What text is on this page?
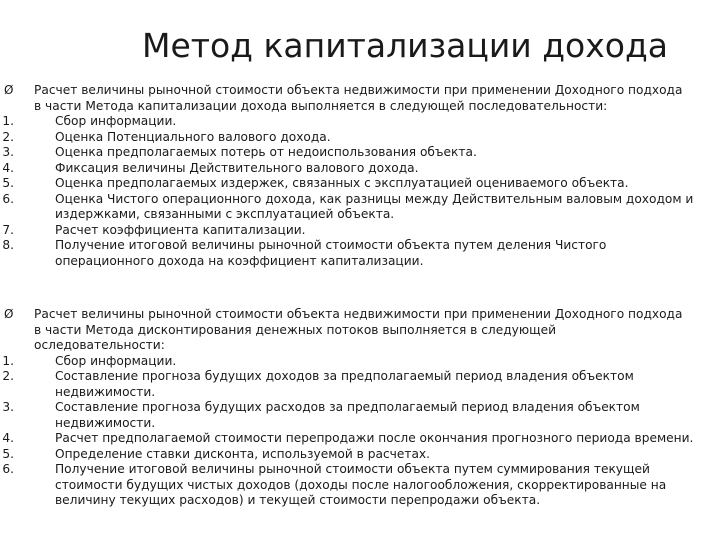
Метод капитализации дохода
Ø	Расчет величины рыночной стоимости объекта недвижимости при применении Доходного подхода в части Метода капитализации дохода выполняется в следующей последовательности:
1.	Сбор информации.
2.	Оценка Потенциального валового дохода.
3.	Оценка предполагаемых потерь от недоиспользования объекта.
4.	Фиксация величины Действительного валового дохода.
5.	Оценка предполагаемых издержек, связанных с эксплуатацией оцениваемого объекта.
6.	Оценка Чистого операционного дохода, как разницы между Действительным валовым доходом и издержками, связанными с эксплуатацией объекта.
7.	Расчет коэффициента капитализации.
8.	Получение итоговой величины рыночной стоимости объекта путем деления Чистого операционного дохода на коэффициент капитализации.
Ø	Расчет величины рыночной стоимости объекта недвижимости при применении Доходного подхода в части Метода дисконтирования денежных потоков выполняется в следующей оследовательности:
1.	Сбор информации.
2.	Составление прогноза будущих доходов за предполагаемый период владения объектом недвижимости.
3.	Составление прогноза будущих расходов за предполагаемый период владения объектом недвижимости.
4.	Расчет предполагаемой стоимости перепродажи после окончания прогнозного периода времени.
5.	Определение ставки дисконта, используемой в расчетах.
6.	Получение итоговой величины рыночной стоимости объекта путем суммирования текущей стоимости будущих чистых доходов (доходы после налогообложения, скорректированные на величину текущих расходов) и текущей стоимости перепродажи объекта.
